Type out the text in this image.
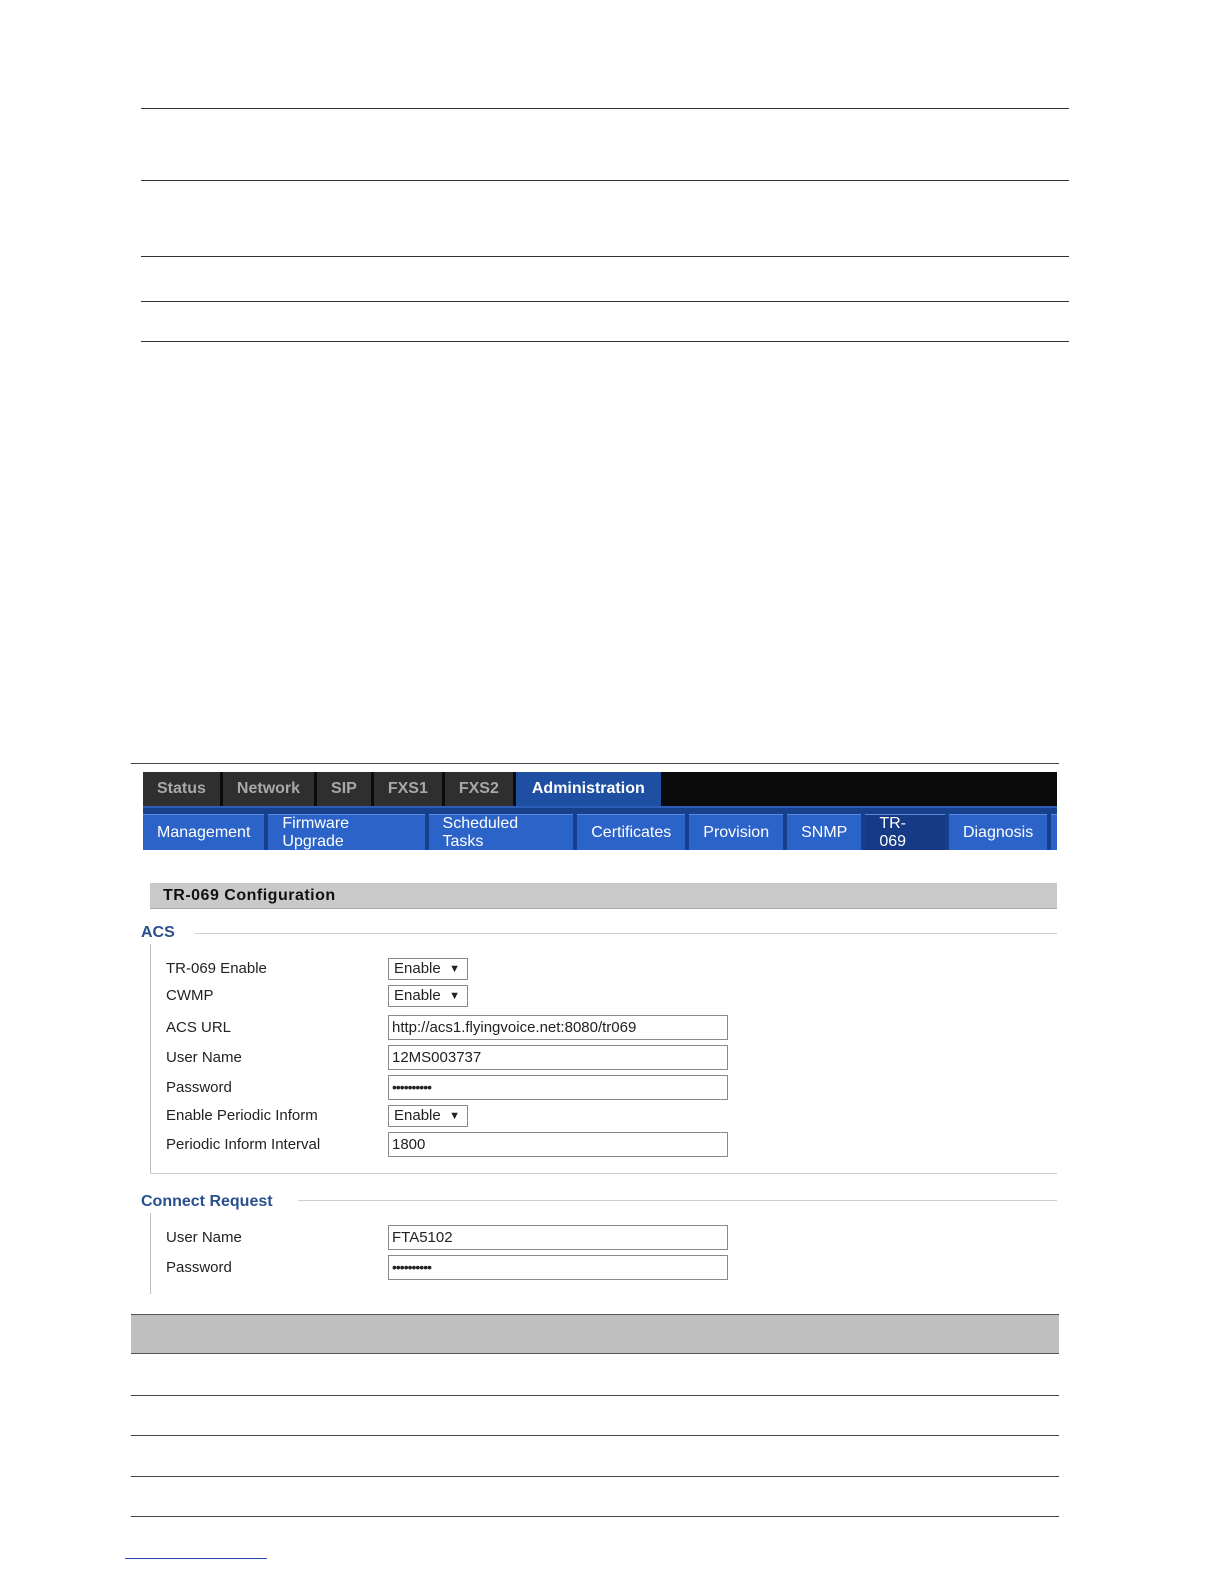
Status	Network	SIP	FXS1	FXS2	Administration
Management
Firmware Upgrade
Scheduled Tasks
Certificates	Provision	SNMP
TR-069
Diagnosis
TR-069 Configuration
ACS
TR-069 Enable	Enable ▼
CWMP	Enable ▼
ACS URL	http://acs1.flyingvoice.net:8080/tr069
User Name	12MS003737
Password	••••••••••
Enable Periodic Inform	Enable ▼
Periodic Inform Interval	1800
Connect Request
User Name	FTA5102
Password	••••••••••
